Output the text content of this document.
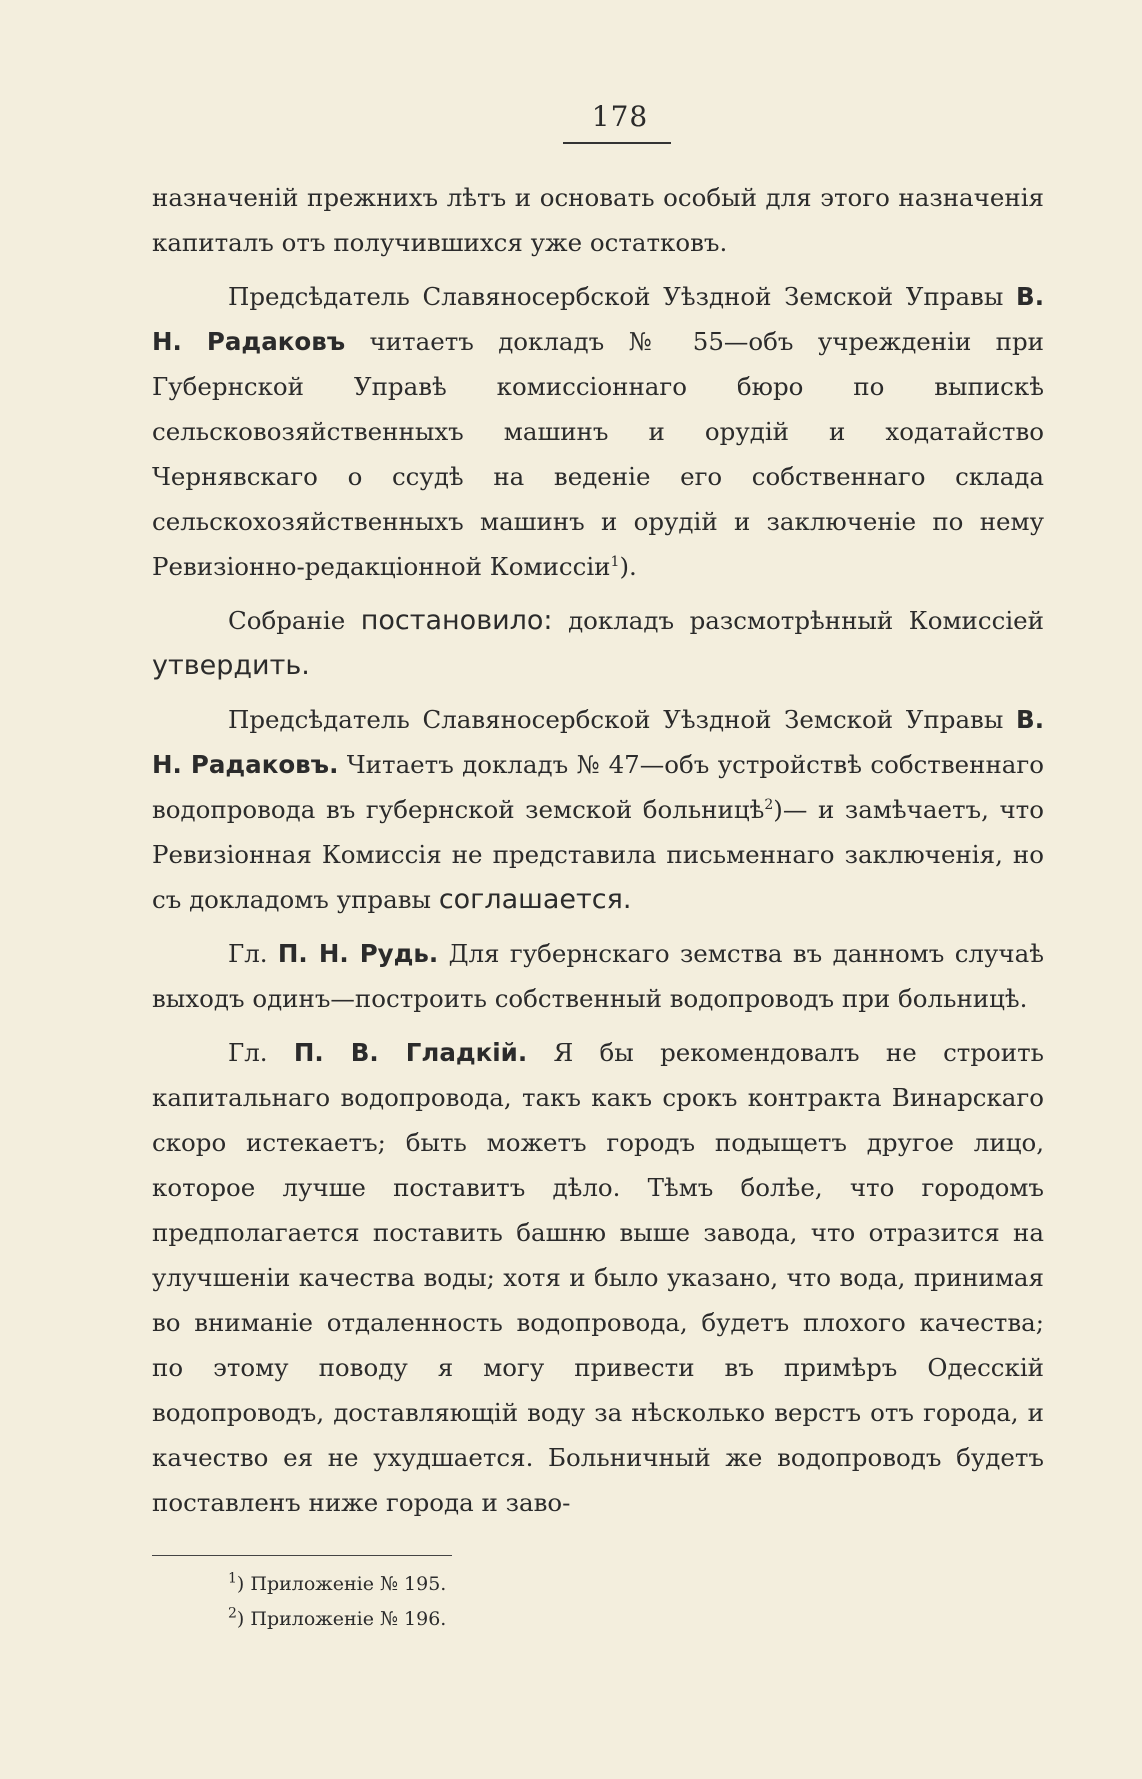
178

назначеній прежнихъ лѣтъ и основать особый для этого назначенія капиталъ отъ получившихся уже остатковъ.

Предсѣдатель Славяносербской Уѣздной Земской Управы В. Н. Радаковъ читаетъ докладъ № 55—объ учрежденіи при Губернской Управѣ комиссіоннаго бюро по выпискѣ сельсковозяйственныхъ машинъ и орудій и ходатайство Чернявскаго о ссудѣ на веденіе его собственнаго склада сельскохозяйственныхъ машинъ и орудій и заключеніе по нему Ревизіонно-редакціонной Комиссіи$^1$).

Собраніе постановило: докладъ разсмотрѣнный Комиссіей утвердить.

Предсѣдатель Славяносербской Уѣздной Земской Управы В. Н. Радаковъ. Читаетъ докладъ № 47—объ устройствѣ собственнаго водопровода въ губернской земской больницѣ$^2$)— и замѣчаетъ, что Ревизіонная Комиссія не представила письменнаго заключенія, но съ докладомъ управы соглашается.

Гл. П. Н. Рудь. Для губернскаго земства въ данномъ случаѣ выходъ одинъ—построить собственный водопроводъ при больницѣ.

Гл. П. В. Гладкій. Я бы рекомендовалъ не строить капитальнаго водопровода, такъ какъ срокъ контракта Винарскаго скоро истекаетъ; быть можетъ городъ подыщетъ другое лицо, которое лучше поставитъ дѣло. Тѣмъ болѣе, что городомъ предполагается поставить башню выше завода, что отразится на улучшеніи качества воды; хотя и было указано, что вода, принимая во вниманіе отдаленность водопровода, будетъ плохого качества; по этому поводу я могу привести въ примѣръ Одесскій водопроводъ, доставляющій воду за нѣсколько верстъ отъ города, и качество ея не ухудшается. Больничный же водопроводъ будетъ поставленъ ниже города и заво-

$^1$) Приложеніе № 195.
$^2$) Приложеніе № 196.
